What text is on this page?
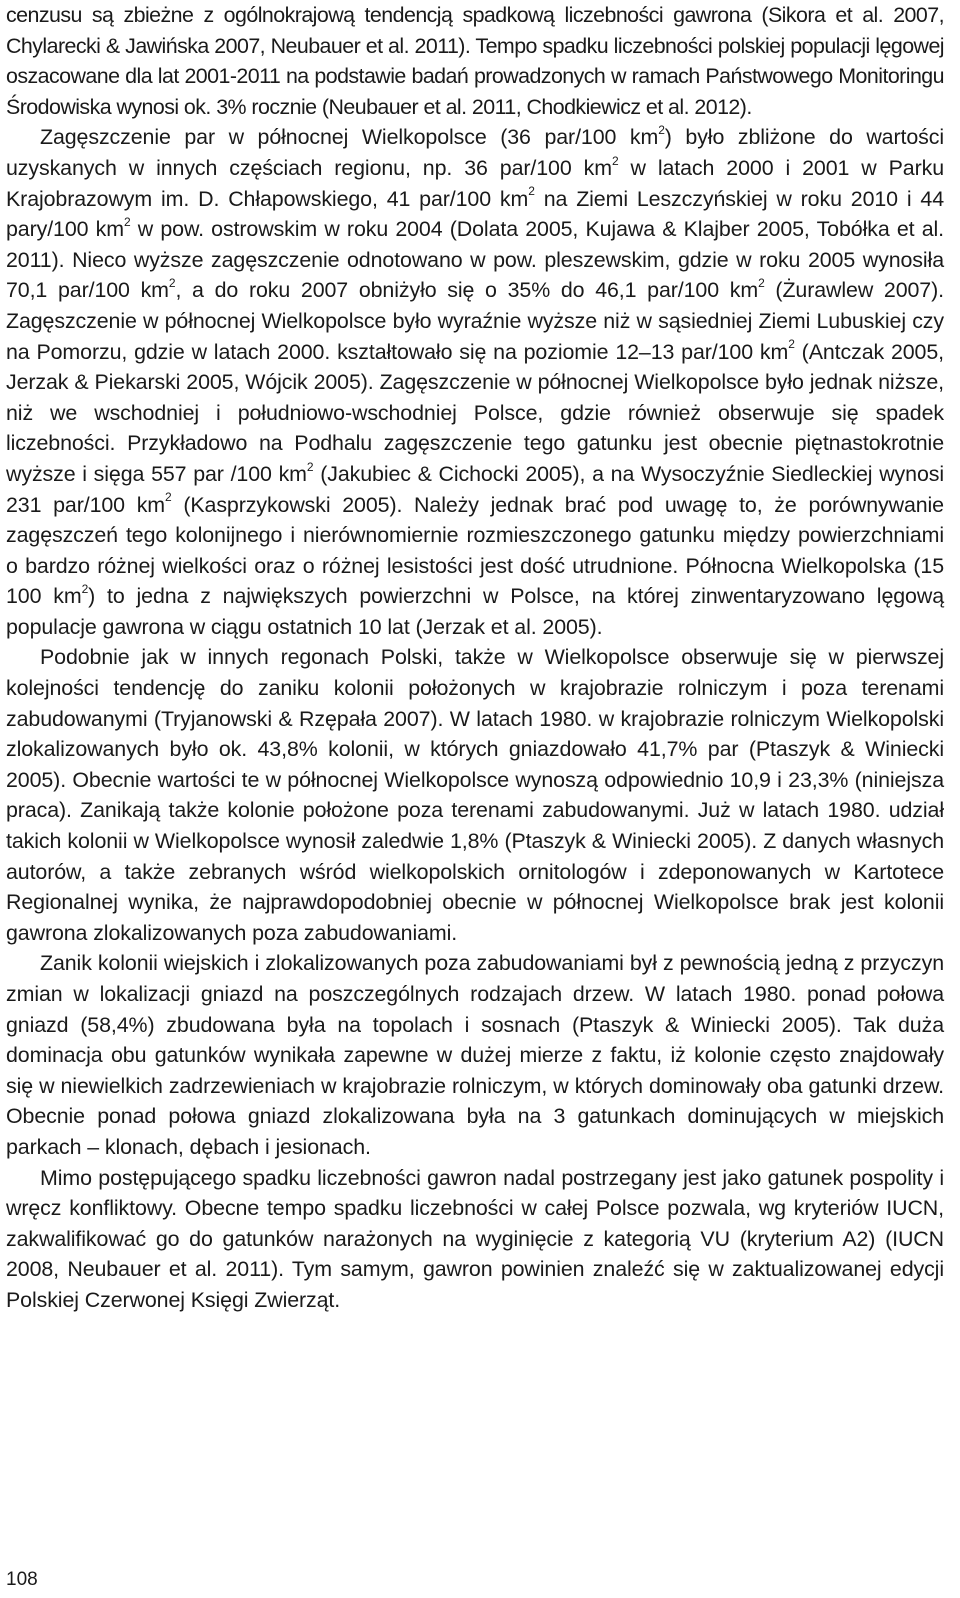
cenzusu są zbieżne z ogólnokrajową tendencją spadkową liczebności gawrona (Sikora et al. 2007, Chylarecki & Jawińska 2007, Neubauer et al. 2011). Tempo spadku liczebności polskiej populacji lęgowej oszacowane dla lat 2001-2011 na podstawie badań prowadzonych w ramach Państwowego Monitoringu Środowiska wynosi ok. 3% rocznie (Neubauer et al. 2011, Chodkiewicz et al. 2012).

Zagęszczenie par w północnej Wielkopolsce (36 par/100 $km^2$) było zbliżone do wartości uzyskanych w innych częściach regionu, np. 36 par/100 $km^2$ w latach 2000 i 2001 w Parku Krajobrazowym im. D. Chłapowskiego, 41 par/100 $km^2$ na Ziemi Leszczyńskiej w roku 2010 i 44 pary/100 $km^2$ w pow. ostrowskim w roku 2004 (Dolata 2005, Kujawa & Klajber 2005, Tobółka et al. 2011). Nieco wyższe zagęszczenie odnotowano w pow. pleszewskim, gdzie w roku 2005 wynosiła 70,1 par/100 $km^2$, a do roku 2007 obniżyło się o 35% do 46,1 par/100 $km^2$ (Żurawlew 2007). Zagęszczenie w północnej Wielkopolsce było wyraźnie wyższe niż w sąsiedniej Ziemi Lubuskiej czy na Pomorzu, gdzie w latach 2000. kształtowało się na poziomie 12–13 par/100 $km^2$ (Antczak 2005, Jerzak & Piekarski 2005, Wójcik 2005). Zagęszczenie w północnej Wielkopolsce było jednak niższe, niż we wschodniej i południowo-wschodniej Polsce, gdzie również obserwuje się spadek liczebności. Przykładowo na Podhalu zagęszczenie tego gatunku jest obecnie piętnastokrotnie wyższe i sięga 557 par /100 $km^2$ (Jakubiec & Cichocki 2005), a na Wysoczyźnie Siedleckiej wynosi 231 par/100 $km^2$ (Kasprzykowski 2005). Należy jednak brać pod uwagę to, że porównywanie zagęszczeń tego kolonijnego i nierównomiernie rozmieszczonego gatunku między powierzchniami o bardzo różnej wielkości oraz o różnej lesistości jest dość utrudnione. Północna Wielkopolska (15 100 $km^2$) to jedna z największych powierzchni w Polsce, na której zinwentaryzowano lęgową populacje gawrona w ciągu ostatnich 10 lat (Jerzak et al. 2005).

Podobnie jak w innych regonach Polski, także w Wielkopolsce obserwuje się w pierwszej kolejności tendencję do zaniku kolonii położonych w krajobrazie rolniczym i poza terenami zabudowanymi (Tryjanowski & Rzępała 2007). W latach 1980. w krajobrazie rolniczym Wielkopolski zlokalizowanych było ok. 43,8% kolonii, w których gniazdowało 41,7% par (Ptaszyk & Winiecki 2005). Obecnie wartości te w północnej Wielkopolsce wynoszą odpowiednio 10,9 i 23,3% (niniejsza praca). Zanikają także kolonie położone poza terenami zabudowanymi. Już w latach 1980. udział takich kolonii w Wielkopolsce wynosił zaledwie 1,8% (Ptaszyk & Winiecki 2005). Z danych własnych autorów, a także zebranych wśród wielkopolskich ornitologów i zdeponowanych w Kartotece Regionalnej wynika, że najprawdopodobniej obecnie w północnej Wielkopolsce brak jest kolonii gawrona zlokalizowanych poza zabudowaniami.

Zanik kolonii wiejskich i zlokalizowanych poza zabudowaniami był z pewnością jedną z przyczyn zmian w lokalizacji gniazd na poszczególnych rodzajach drzew. W latach 1980. ponad połowa gniazd (58,4%) zbudowana była na topolach i sosnach (Ptaszyk & Winiecki 2005). Tak duża dominacja obu gatunków wynikała zapewne w dużej mierze z faktu, iż kolonie często znajdowały się w niewielkich zadrzewieniach w krajobrazie rolniczym, w których dominowały oba gatunki drzew. Obecnie ponad połowa gniazd zlokalizowana była na 3 gatunkach dominujących w miejskich parkach – klonach, dębach i jesionach.

Mimo postępującego spadku liczebności gawron nadal postrzegany jest jako gatunek pospolity i wręcz konfliktowy. Obecne tempo spadku liczebności w całej Polsce pozwala, wg kryteriów IUCN, zakwalifikować go do gatunków narażonych na wyginięcie z kategorią VU (kryterium A2) (IUCN 2008, Neubauer et al. 2011). Tym samym, gawron powinien znaleźć się w zaktualizowanej edycji Polskiej Czerwonej Księgi Zwierząt.

108
